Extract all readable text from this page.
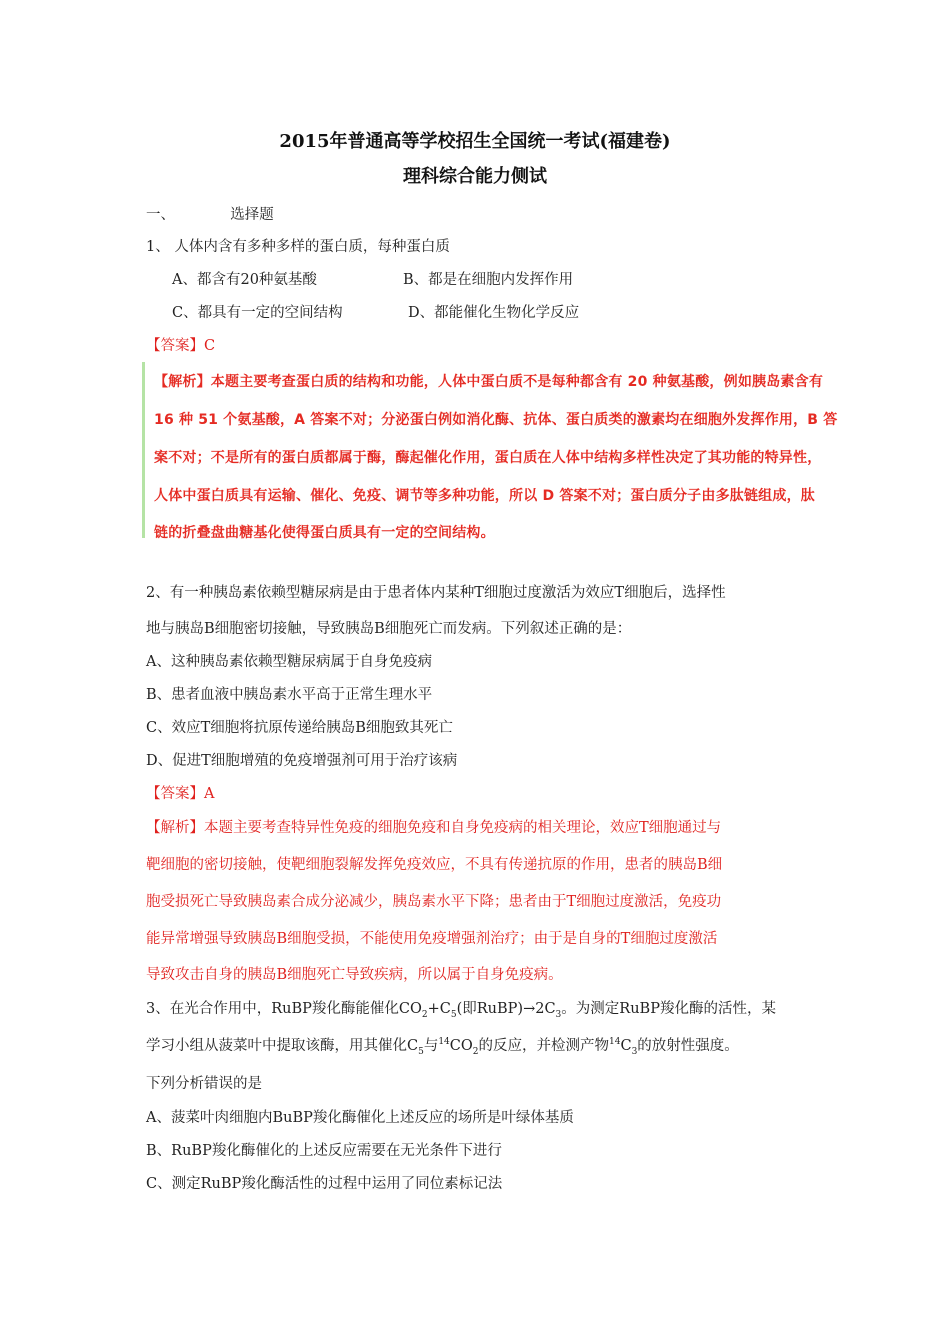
2015年普通高等学校招生全国统一考试(福建卷)
理科综合能力侧试
一、	选择题
1、 人体内含有多种多样的蛋白质，每种蛋白质
A、都含有20种氨基酸	B、都是在细胞内发挥作用
C、都具有一定的空间结构	D、都能催化生物化学反应
【答案】C
【解析】本题主要考查蛋白质的结构和功能，人体中蛋白质不是每种都含有 20 种氨基酸，例如胰岛素含有
16 种 51 个氨基酸，A 答案不对；分泌蛋白例如消化酶、抗体、蛋白质类的激素均在细胞外发挥作用，B 答
案不对；不是所有的蛋白质都属于酶，酶起催化作用，蛋白质在人体中结构多样性决定了其功能的特异性，
人体中蛋白质具有运输、催化、免疫、调节等多种功能，所以 D 答案不对；蛋白质分子由多肽链组成，肽
链的折叠盘曲糖基化使得蛋白质具有一定的空间结构。
2、有一种胰岛素依赖型糖尿病是由于患者体内某种T细胞过度激活为效应T细胞后，选择性
地与胰岛B细胞密切接触，导致胰岛B细胞死亡而发病。下列叙述正确的是：
A、这种胰岛素依赖型糖尿病属于自身免疫病
B、患者血液中胰岛素水平高于正常生理水平
C、效应T细胞将抗原传递给胰岛B细胞致其死亡
D、促进T细胞增殖的免疫增强剂可用于治疗该病
【答案】A
【解析】本题主要考查特异性免疫的细胞免疫和自身免疫病的相关理论，效应T细胞通过与
靶细胞的密切接触，使靶细胞裂解发挥免疫效应，不具有传递抗原的作用，患者的胰岛B细
胞受损死亡导致胰岛素合成分泌减少，胰岛素水平下降；患者由于T细胞过度激活，免疫功
能异常增强导致胰岛B细胞受损，不能使用免疫增强剂治疗；由于是自身的T细胞过度激活
导致攻击自身的胰岛B细胞死亡导致疾病，所以属于自身免疫病。
3、在光合作用中，RuBP羧化酶能催化$CO_2+C_5$(即$RuBP)\to 2C_3$。为测定RuBP羧化酶的活性，某
学习小组从菠菜叶中提取该酶，用其催化$C_5$与$^{14}CO_2$的反应，并检测产物$^{14}C_3$的放射性强度。
下列分析错误的是
A、菠菜叶肉细胞内BuBP羧化酶催化上述反应的场所是叶绿体基质
B、RuBP羧化酶催化的上述反应需要在无光条件下进行
C、测定RuBP羧化酶活性的过程中运用了同位素标记法
